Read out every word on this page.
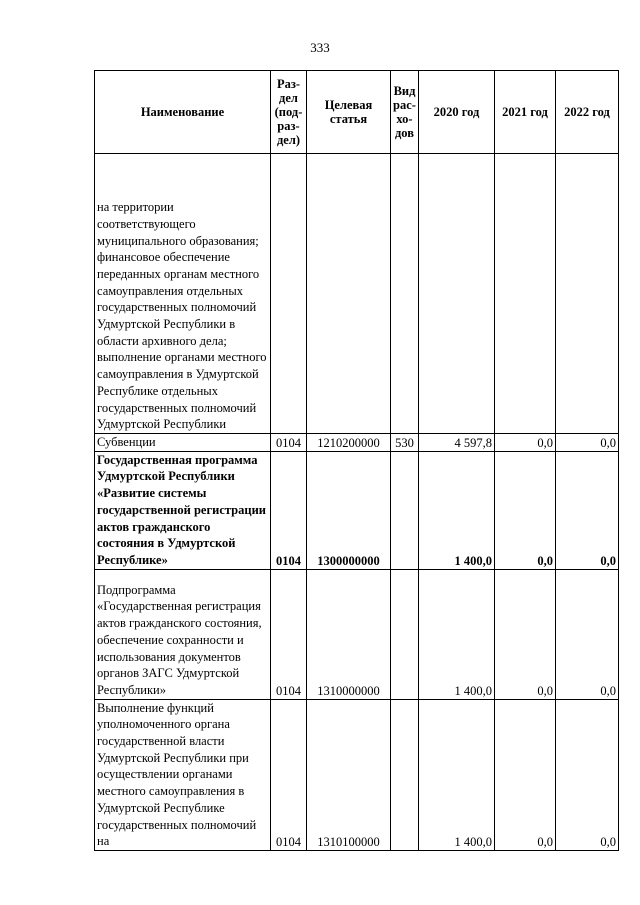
333
Наименование	Раз-дел (под-раз-дел)	Целевая статья	Вид рас-хо-дов	2020 год	2021 год	2022 год
на территории соответствующего муниципального образования; финансовое обеспечение переданных органам местного самоуправления отдельных государственных полномочий Удмуртской Республики в области архивного дела; выполнение органами местного самоуправления в Удмуртской Республике отдельных государственных полномочий Удмуртской Республики						
Субвенции	0104	1210200000	530	4 597,8	0,0	0,0
Государственная программа Удмуртской Республики «Развитие системы государственной регистрации актов гражданского состояния в Удмуртской Республике»	0104	1300000000		1 400,0	0,0	0,0
Подпрограмма «Государственная регистрация актов гражданского состояния, обеспечение сохранности и использования документов органов ЗАГС Удмуртской Республики»	0104	1310000000		1 400,0	0,0	0,0
Выполнение функций уполномоченного органа государственной власти Удмуртской Республики при осуществлении органами местного самоуправления в Удмуртской Республике государственных полномочий на	0104	1310100000		1 400,0	0,0	0,0
